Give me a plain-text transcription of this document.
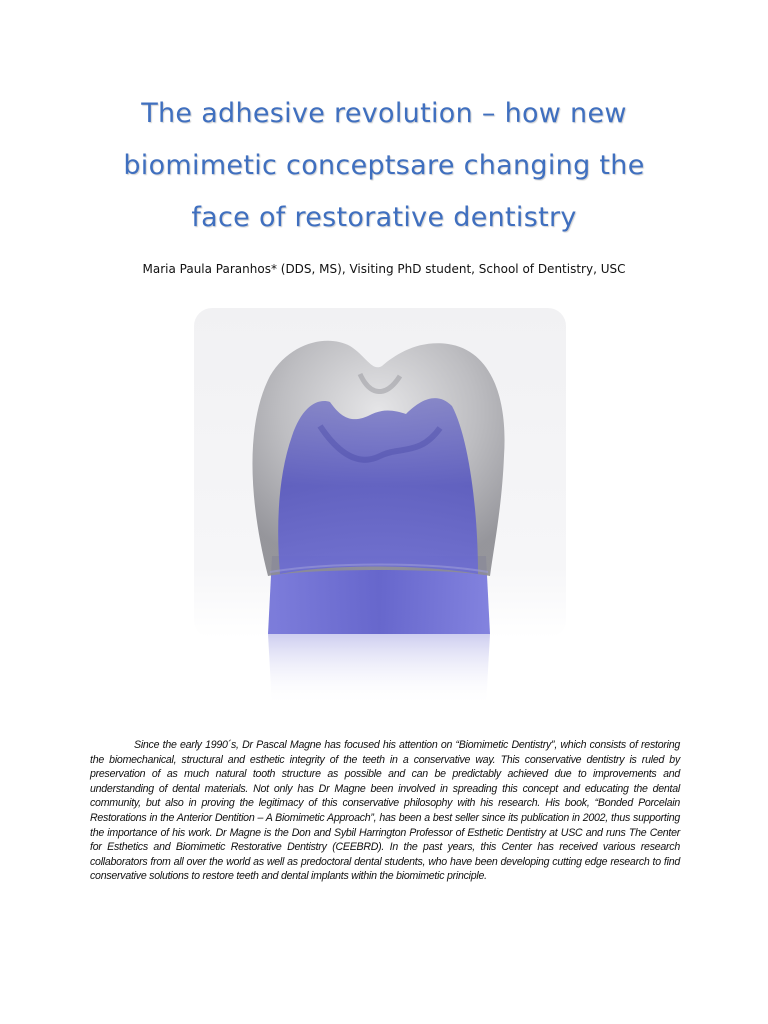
The adhesive revolution – how new
biomimetic conceptsare changing the
face of restorative dentistry

Maria Paula Paranhos* (DDS, MS), Visiting PhD student, School of Dentistry, USC

Since the early 1990´s, Dr Pascal Magne has focused his attention on “Biomimetic Dentistry”, which consists of restoring the biomechanical, structural and esthetic integrity of the teeth in a conservative way. This conservative dentistry is ruled by preservation of as much natural tooth structure as possible and can be predictably achieved due to improvements and understanding of dental materials. Not only has Dr Magne been involved in spreading this concept and educating the dental community, but also in proving the legitimacy of this conservative philosophy with his research. His book, “Bonded Porcelain Restorations in the Anterior Dentition – A Biomimetic Approach”, has been a best seller since its publication in 2002, thus supporting the importance of his work. Dr Magne is the Don and Sybil Harrington Professor of Esthetic Dentistry at USC and runs The Center for Esthetics and Biomimetic Restorative Dentistry (CEEBRD). In the past years, this Center has received various research collaborators from all over the world as well as predoctoral dental students, who have been developing cutting edge research to find conservative solutions to restore teeth and dental implants within the biomimetic principle.
